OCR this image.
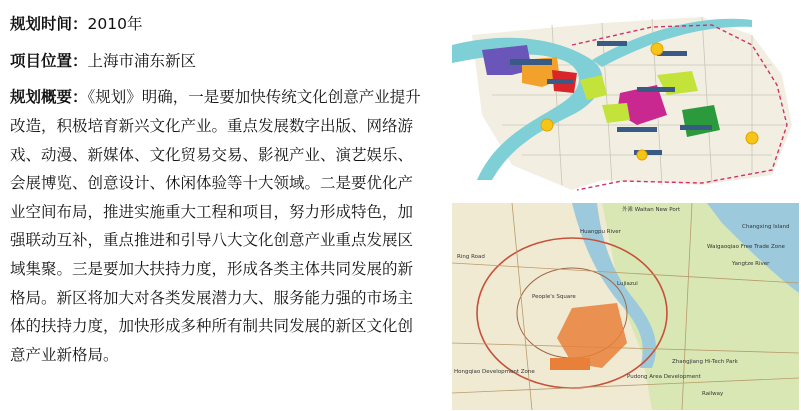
规划时间：2010年
项目位置：上海市浦东新区
规划概要：《规划》明确，一是要加快传统文化创意产业提升改造，积极培育新兴文化产业。重点发展数字出版、网络游戏、动漫、新媒体、文化贸易交易、影视产业、演艺娱乐、会展博览、创意设计、休闲体验等十大领域。二是要优化产业空间布局，推进实施重大工程和项目，努力形成特色，加强联动互补，重点推进和引导八大文化创意产业重点发展区域集聚。三是要加大扶持力度，形成各类主体共同发展的新格局。新区将加大对各类发展潜力大、服务能力强的市场主体的扶持力度，加快形成多种所有制共同发展的新区文化创意产业新格局。
外滩 Waitan New Port
Huangpu River
People's Square
Lujiazui
Changxing Island
Waigaoqiao Free Trade Zone
Yangtze River
Ring Road
Zhangjiang Hi-Tech Park
Pudong Area Development
Railway
Hongqiao Development Zone
